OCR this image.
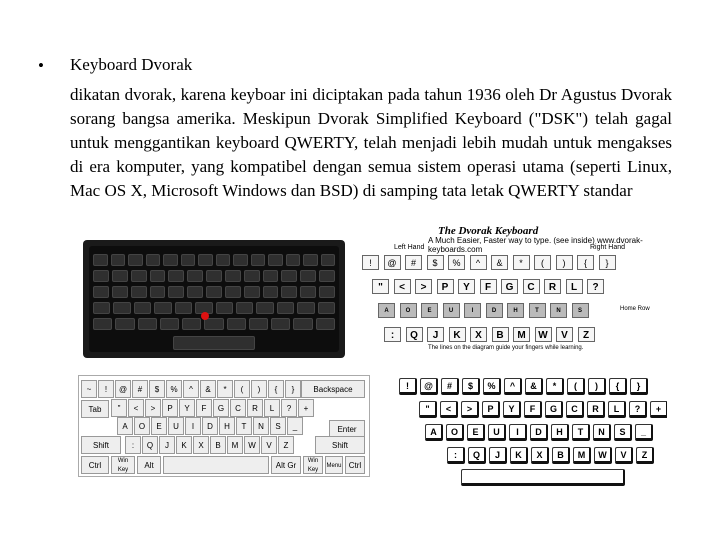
• Keyboard Dvorak
dikatan dvorak, karena keyboar ini diciptakan pada tahun 1936 oleh Dr Agustus Dvorak sorang bangsa amerika. Meskipun Dvorak Simplified Keyboard ("DSK") telah gagal untuk menggantikan keyboard QWERTY, telah menjadi lebih mudah untuk mengakses di era komputer, yang kompatibel dengan semua sistem operasi utama (seperti Linux, Mac OS X, Microsoft Windows dan BSD) di samping tata letak QWERTY standar
The Dvorak Keyboard
A Much Easier, Faster way to type. (see inside) www.dvorak-keyboards.com
Left Hand	Right Hand
Home Row
The lines on the diagram guide your fingers while learning.
!	@	#	$	%	^	&	*	(	)	{	}
"	<	>	P	Y	F	G	C	R	L	?
A	O	E	U	I	D	H	T	N	S
:	Q	J	K	X	B	M	W	V	Z
Backspace
Tab
Enter
Shift	Shift
Ctrl	Win Key	Alt	Alt Gr	Win Key
Menu Ctrl
~	!	@	#	$	%	^	&	*	(	)	{	}
"	<	>	P	Y	F	G	C	R	L	?	+
A	O	E	U	I	D	H	T	N	S	_
:	Q	J	K	X	B	M	W	V	Z
!	@	#	$	%	^	&	*	(	)	{	}
"	<	>	P	Y	F	G	C	R	L	?	+
A	O	E	U	I	D	H	T	N	S	_
:	Q	J	K	X	B	M	W	V	Z
